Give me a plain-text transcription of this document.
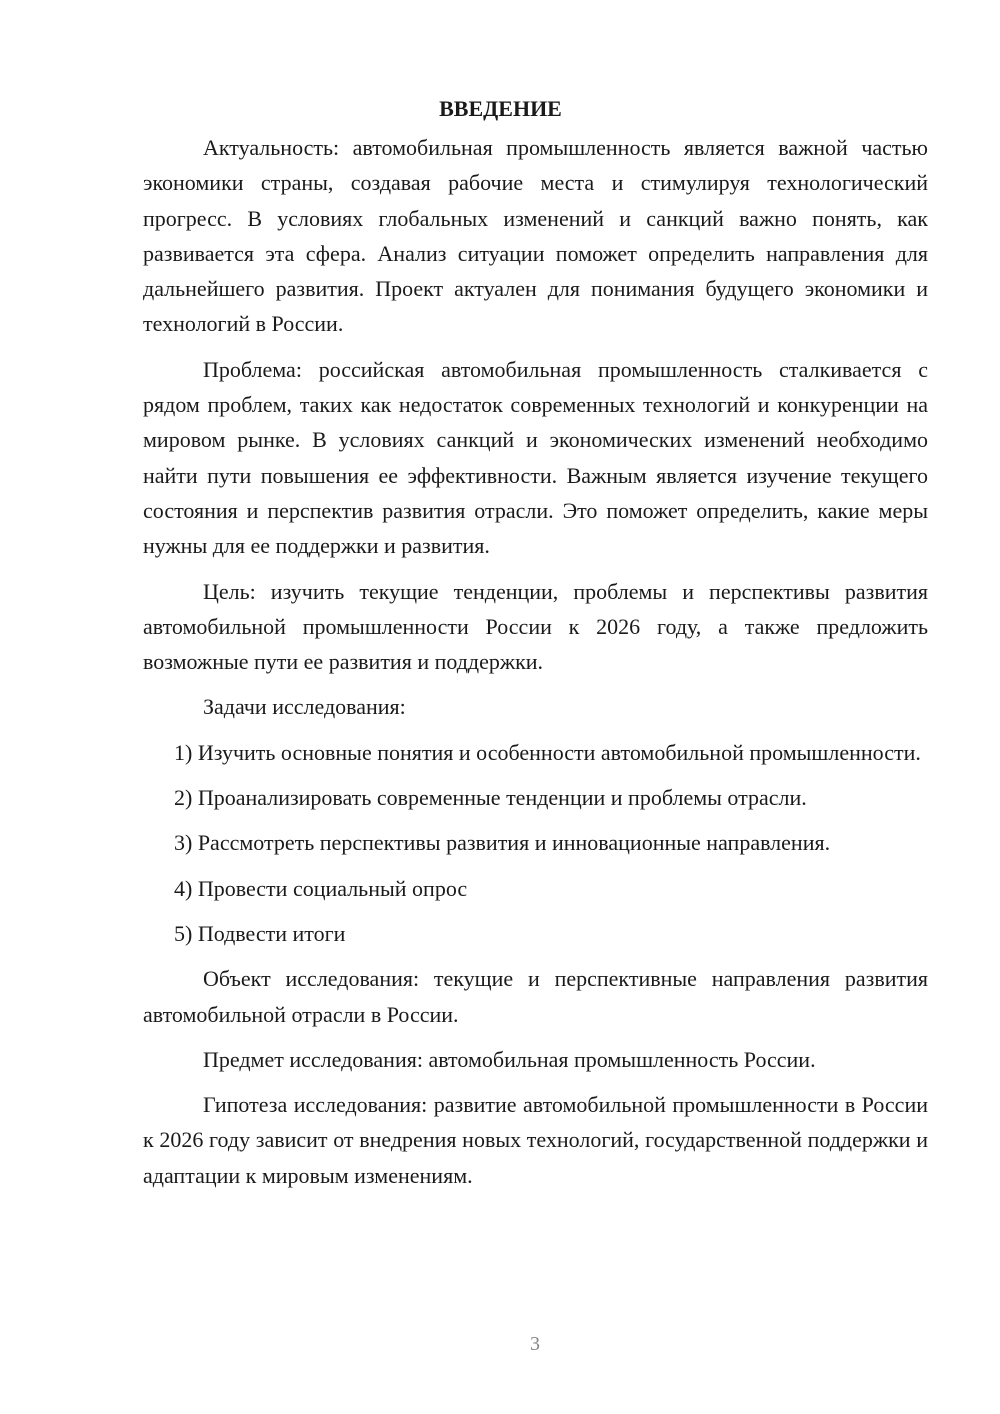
ВВЕДЕНИЕ

Актуальность: автомобильная промышленность является важной частью экономики страны, создавая рабочие места и стимулируя технологический прогресс. В условиях глобальных изменений и санкций важно понять, как развивается эта сфера. Анализ ситуации поможет определить направления для дальнейшего развития. Проект актуален для понимания будущего экономики и технологий в России.

Проблема: российская автомобильная промышленность сталкивается с рядом проблем, таких как недостаток современных технологий и конкуренции на мировом рынке. В условиях санкций и экономических изменений необходимо найти пути повышения ее эффективности. Важным является изучение текущего состояния и перспектив развития отрасли. Это поможет определить, какие меры нужны для ее поддержки и развития.

Цель: изучить текущие тенденции, проблемы и перспективы развития автомобильной промышленности России к 2026 году, а также предложить возможные пути ее развития и поддержки.

Задачи исследования:

1) Изучить основные понятия и особенности автомобильной промышленности.

2) Проанализировать современные тенденции и проблемы отрасли.

3) Рассмотреть перспективы развития и инновационные направления.

4) Провести социальный опрос

5) Подвести итоги

Объект исследования: текущие и перспективные направления развития автомобильной отрасли в России.

Предмет исследования: автомобильная промышленность России.

Гипотеза исследования: развитие автомобильной промышленности в России к 2026 году зависит от внедрения новых технологий, государственной поддержки и адаптации к мировым изменениям.

3
